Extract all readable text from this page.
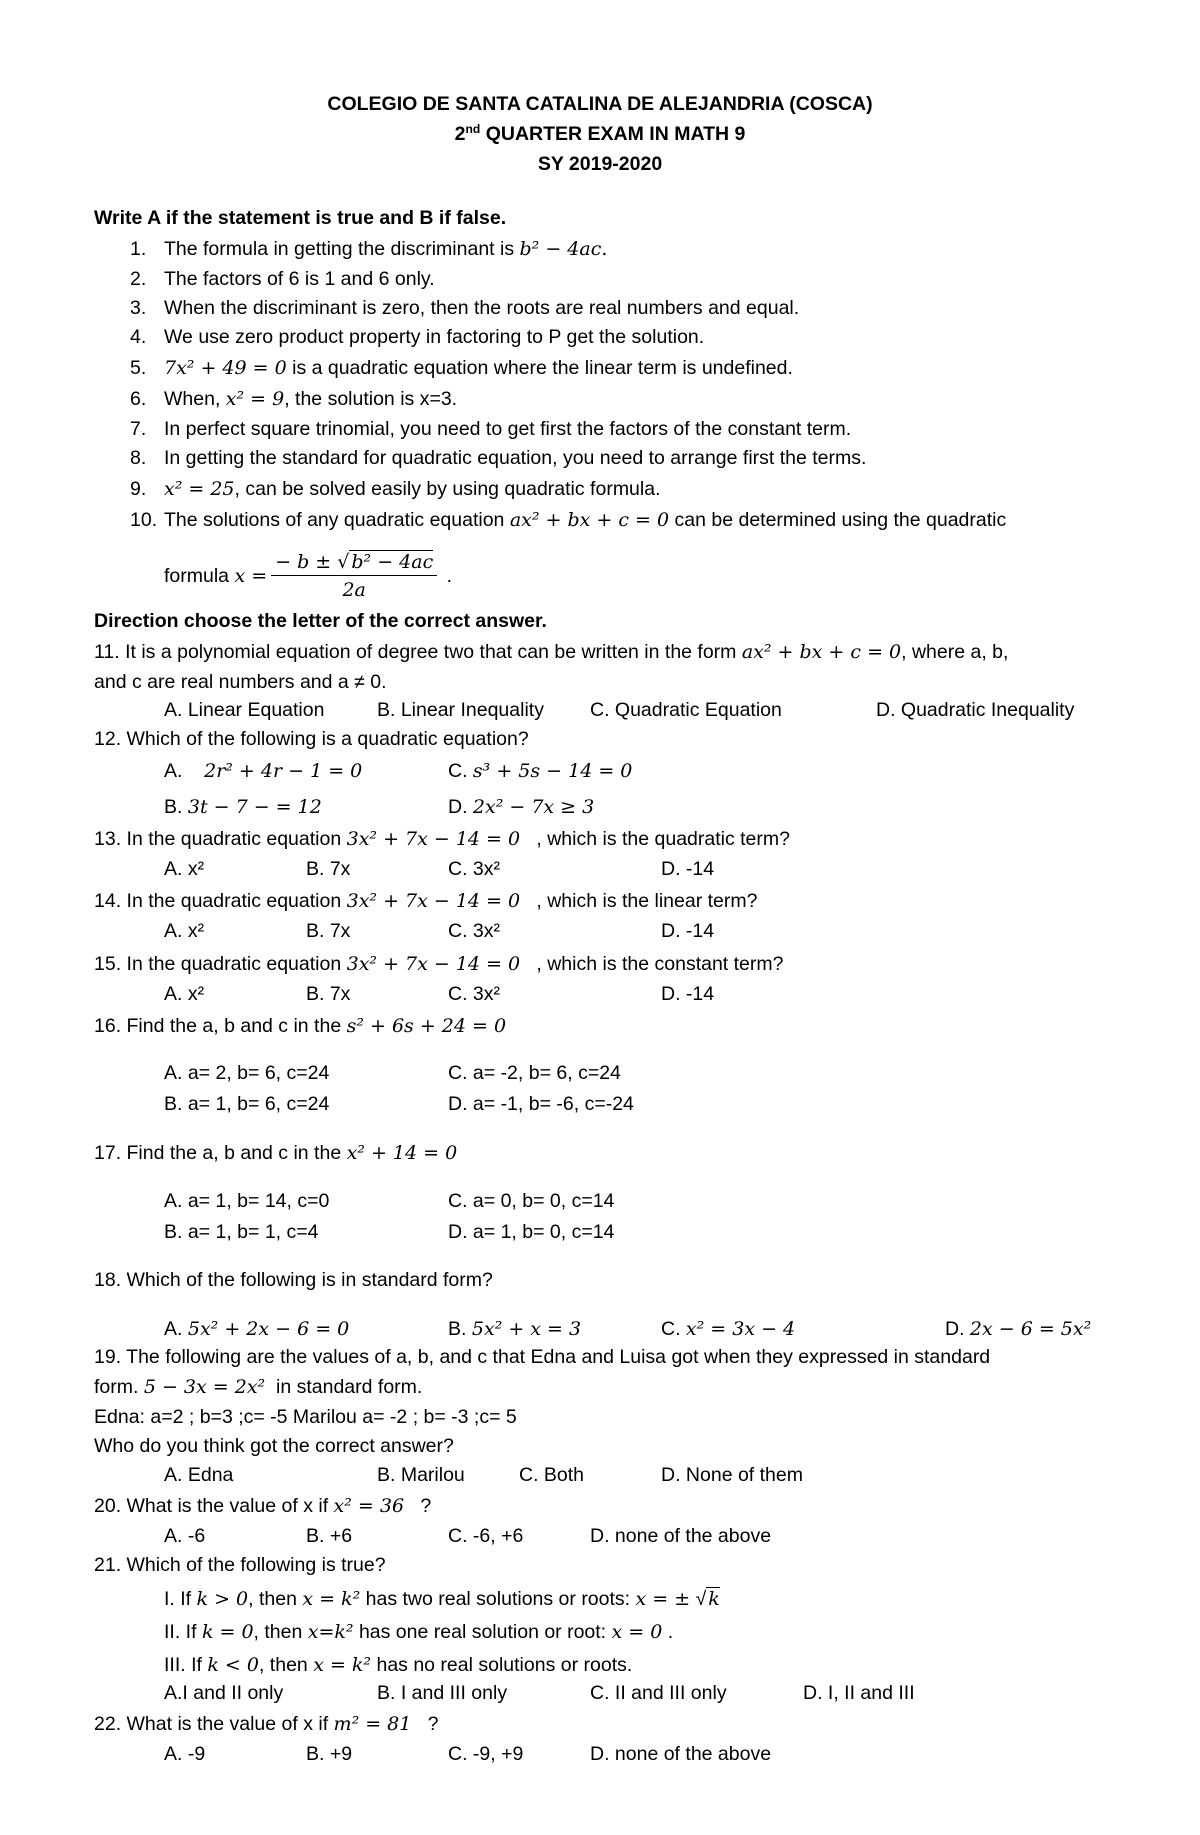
COLEGIO DE SANTA CATALINA DE ALEJANDRIA (COSCA)
2nd QUARTER EXAM IN MATH 9
SY 2019-2020
Write A if the statement is true and B if false.
1. The formula in getting the discriminant is b² − 4ac.
2. The factors of 6 is 1 and 6 only.
3. When the discriminant is zero, then the roots are real numbers and equal.
4. We use zero product property in factoring to P get the solution.
5. 7x² + 49 = 0 is a quadratic equation where the linear term is undefined.
6. When, x² = 9, the solution is x=3.
7. In perfect square trinomial, you need to get first the factors of the constant term.
8. In getting the standard for quadratic equation, you need to arrange first the terms.
9. x² = 25, can be solved easily by using quadratic formula.
10. The solutions of any quadratic equation ax² + bx + c = 0 can be determined using the quadratic
formula $x = \frac{\text{− b ± √ b² − 4ac}}{2a}$ .
Direction choose the letter of the correct answer.
11. It is a polynomial equation of degree two that can be written in the form ax² + bx + c = 0, where a, b,
and c are real numbers and a ≠ 0.
A. Linear Equation	B. Linear Inequality C. Quadratic Equation	D. Quadratic Inequality
12. Which of the following is a quadratic equation?
A. 2r² + 4r − 1 = 0	C. s³ + 5s − 14 = 0
B. 3t − 7 − = 12	D. 2x² − 7x ≥ 3
13. In the quadratic equation 3x² + 7x − 14 = 0 , which is the quadratic term?
A. x²	B. 7x	C. 3x²	D. -14
14. In the quadratic equation 3x² + 7x − 14 = 0 , which is the linear term?
A. x²	B. 7x	C. 3x²	D. -14
15. In the quadratic equation 3x² + 7x − 14 = 0 , which is the constant term?
A. x²	B. 7x	C. 3x²	D. -14
16. Find the a, b and c in the s² + 6s + 24 = 0
A. a= 2, b= 6, c=24	C. a= -2, b= 6, c=24
B. a= 1, b= 6, c=24	D. a= -1, b= -6, c=-24
17. Find the a, b and c in the x² + 14 = 0
A. a= 1, b= 14, c=0	C. a= 0, b= 0, c=14
B. a= 1, b= 1, c=4	D. a= 1, b= 0, c=14
18. Which of the following is in standard form?
A. 5x² + 2x − 6 = 0	B. 5x² + x = 3	C. x² = 3x − 4	D. 2x − 6 = 5x²
19. The following are the values of a, b, and c that Edna and Luisa got when they expressed in standard
form. 5 − 3x = 2x² in standard form.
Edna: a=2 ; b=3 ;c= -5 Marilou a= -2 ; b= -3 ;c= 5
Who do you think got the correct answer?
A. Edna	B. Marilou	C. Both	D. None of them
20. What is the value of x if x² = 36 ?
A. -6	B. +6	C. -6, +6	D. none of the above
21. Which of the following is true?
I. If k > 0, then x = k² has two real solutions or roots: x = ± √ k
II. If k = 0, then x=k² has one real solution or root: x = 0 .
III. If k < 0, then x = k² has no real solutions or roots.
A.I and II only	B. I and III only	C. II and III only	D. I, II and III
22. What is the value of x if m² = 81 ?
A. -9	B. +9	C. -9, +9	D. none of the above
